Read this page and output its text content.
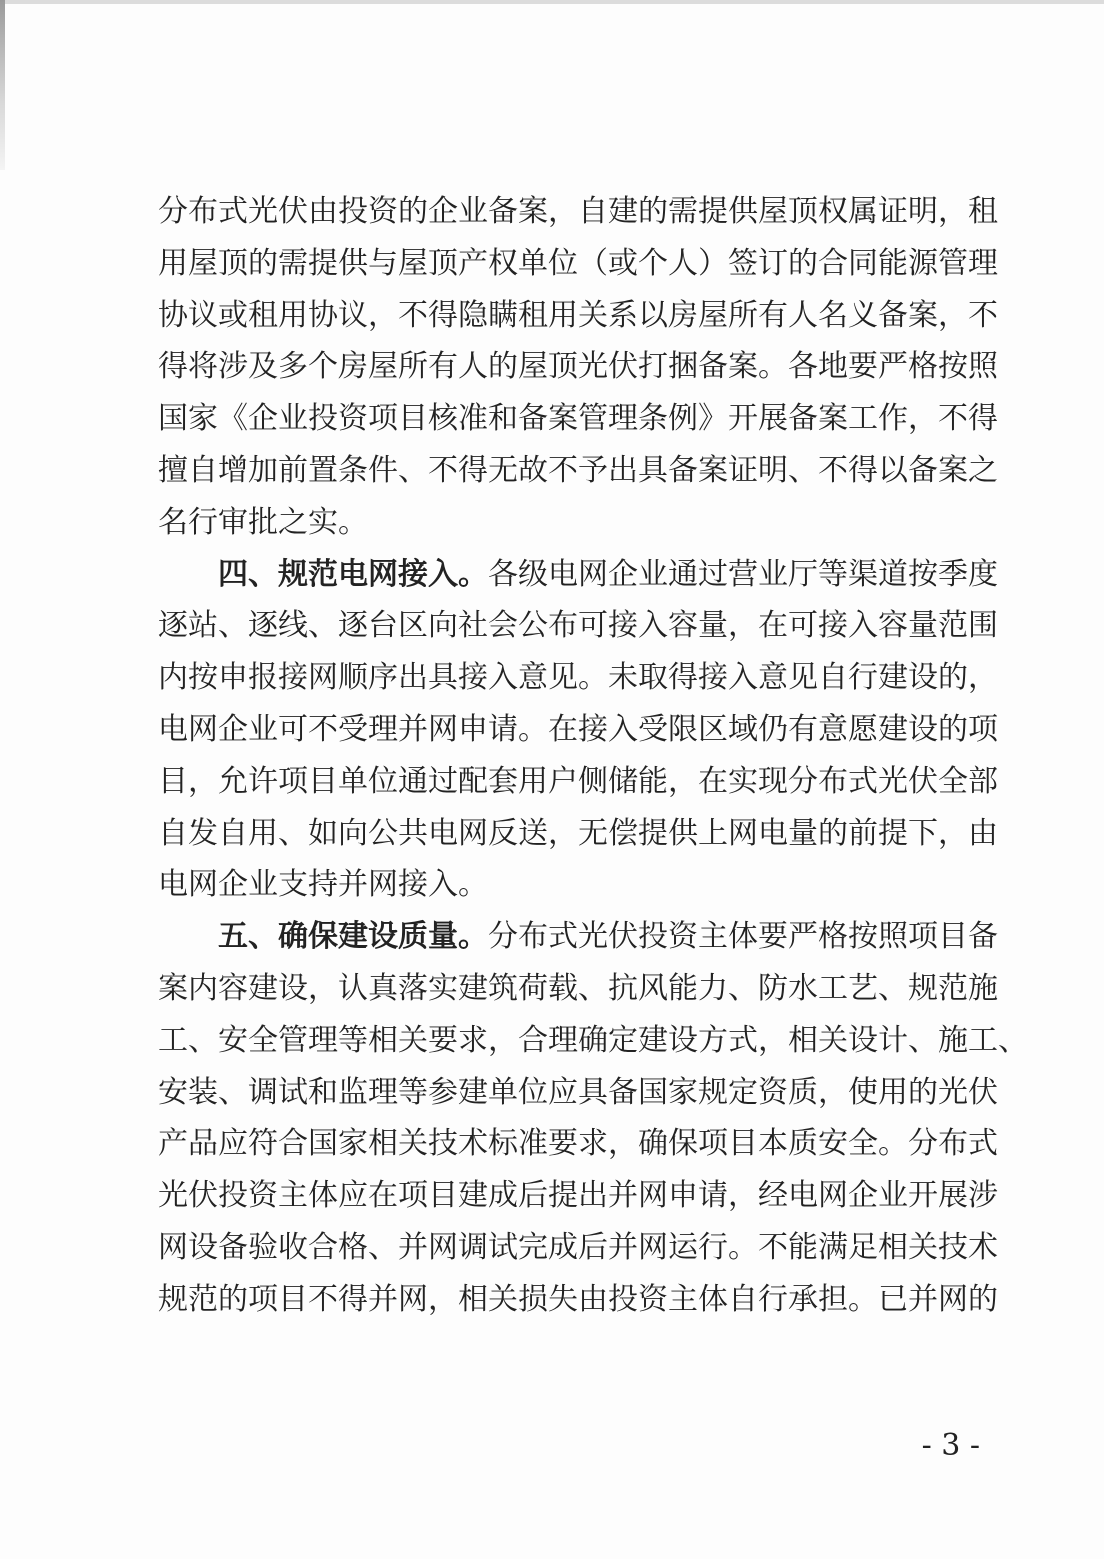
分布式光伏由投资的企业备案，自建的需提供屋顶权属证明，租
用屋顶的需提供与屋顶产权单位（或个人）签订的合同能源管理
协议或租用协议，不得隐瞒租用关系以房屋所有人名义备案，不
得将涉及多个房屋所有人的屋顶光伏打捆备案。各地要严格按照
国家《企业投资项目核准和备案管理条例》开展备案工作，不得
擅自增加前置条件、不得无故不予出具备案证明、不得以备案之
名行审批之实。
四、规范电网接入。各级电网企业通过营业厅等渠道按季度
逐站、逐线、逐台区向社会公布可接入容量，在可接入容量范围
内按申报接网顺序出具接入意见。未取得接入意见自行建设的，
电网企业可不受理并网申请。在接入受限区域仍有意愿建设的项
目，允许项目单位通过配套用户侧储能，在实现分布式光伏全部
自发自用、如向公共电网反送，无偿提供上网电量的前提下，由
电网企业支持并网接入。
五、确保建设质量。分布式光伏投资主体要严格按照项目备
案内容建设，认真落实建筑荷载、抗风能力、防水工艺、规范施
工、安全管理等相关要求，合理确定建设方式，相关设计、施工、
安装、调试和监理等参建单位应具备国家规定资质，使用的光伏
产品应符合国家相关技术标准要求，确保项目本质安全。分布式
光伏投资主体应在项目建成后提出并网申请，经电网企业开展涉
网设备验收合格、并网调试完成后并网运行。不能满足相关技术
规范的项目不得并网，相关损失由投资主体自行承担。已并网的
- 3 -
